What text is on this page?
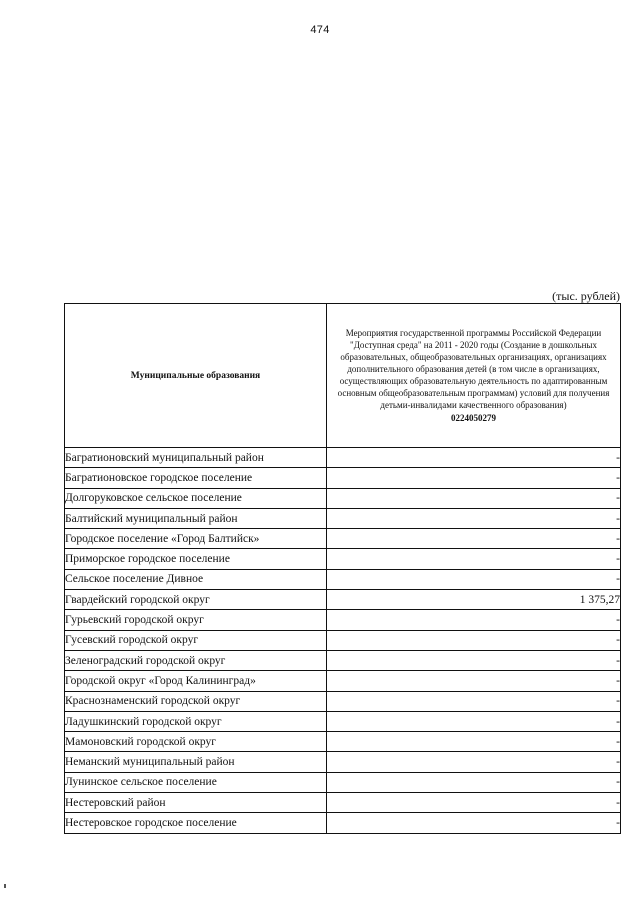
474
(тыс. рублей)
Муниципальные образования	Мероприятия государственной программы Российской Федерации "Доступная среда" на 2011 - 2020 годы (Создание в дошкольных образовательных, общеобразовательных организациях, организациях дополнительного образования детей (в том числе в организациях, осуществляющих образовательную деятельность по адаптированным основным общеобразовательным программам) условий для получения детьми-инвалидами качественного образования)
0224050279

Багратионовский муниципальный район	-
Багратионовское городское поселение	-
Долгоруковское сельское поселение	-
Балтийский муниципальный район	-
Городское поселение «Город Балтийск»	-
Приморское городское поселение	-
Сельское поселение Дивное	-
Гвардейский городской округ	1 375,27
Гурьевский городской округ	-
Гусевский городской округ	-
Зеленоградский городской округ	-
Городской округ «Город Калининград»	-
Краснознаменский городской округ	-
Ладушкинский городской округ	-
Мамоновский городской округ	-
Неманский муниципальный район	-
Лунинское сельское поселение	-
Нестеровский район	-
Нестеровское городское поселение	-
